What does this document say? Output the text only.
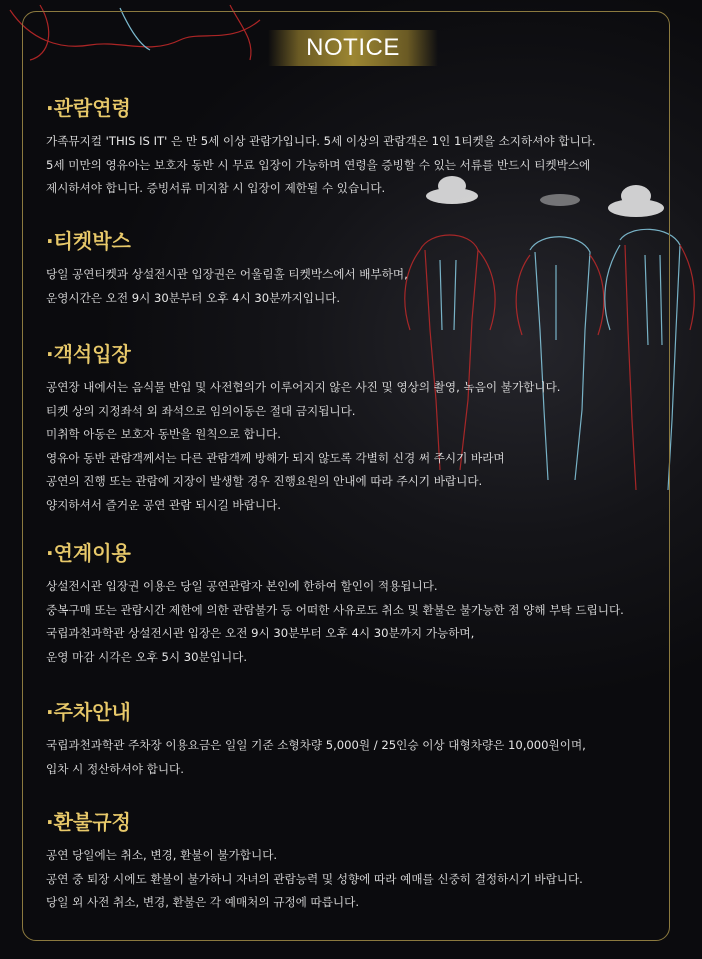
NOTICE
·관람연령
가족뮤지컬 'THIS IS IT' 은 만 5세 이상 관람가입니다. 5세 이상의 관람객은 1인 1티켓을 소지하셔야 합니다.
5세 미만의 영유아는 보호자 동반 시 무료 입장이 가능하며 연령을 증빙할 수 있는 서류를 반드시 티켓박스에
제시하셔야 합니다. 증빙서류 미지참 시 입장이 제한될 수 있습니다.
·티켓박스
당일 공연티켓과 상설전시관 입장권은 어울림홀 티켓박스에서 배부하며,
운영시간은 오전 9시 30분부터 오후 4시 30분까지입니다.
·객석입장
공연장 내에서는 음식물 반입 및 사전협의가 이루어지지 않은 사진 및 영상의 촬영, 녹음이 불가합니다.
티켓 상의 지정좌석 외 좌석으로 임의이동은 절대 금지됩니다.
미취학 아동은 보호자 동반을 원칙으로 합니다.
영유아 동반 관람객께서는 다른 관람객께 방해가 되지 않도록 각별히 신경 써 주시기 바라며
공연의 진행 또는 관람에 지장이 발생할 경우 진행요원의 안내에 따라 주시기 바랍니다.
양지하셔서 즐거운 공연 관람 되시길 바랍니다.
·연계이용
상설전시관 입장권 이용은 당일 공연관람자 본인에 한하여 할인이 적용됩니다.
중복구매 또는 관람시간 제한에 의한 관람불가 등 어떠한 사유로도 취소 및 환불은 불가능한 점 양해 부탁 드립니다.
국립과천과학관 상설전시관 입장은 오전 9시 30분부터 오후 4시 30분까지 가능하며,
운영 마감 시각은 오후 5시 30분입니다.
·주차안내
국립과천과학관 주차장 이용요금은 일일 기준 소형차량 5,000원 / 25인승 이상 대형차량은 10,000원이며,
입차 시 정산하셔야 합니다.
·환불규정
공연 당일에는 취소, 변경, 환불이 불가합니다.
공연 중 퇴장 시에도 환불이 불가하니 자녀의 관람능력 및 성향에 따라 예매를 신중히 결정하시기 바랍니다.
당일 외 사전 취소, 변경, 환불은 각 예매처의 규정에 따릅니다.
